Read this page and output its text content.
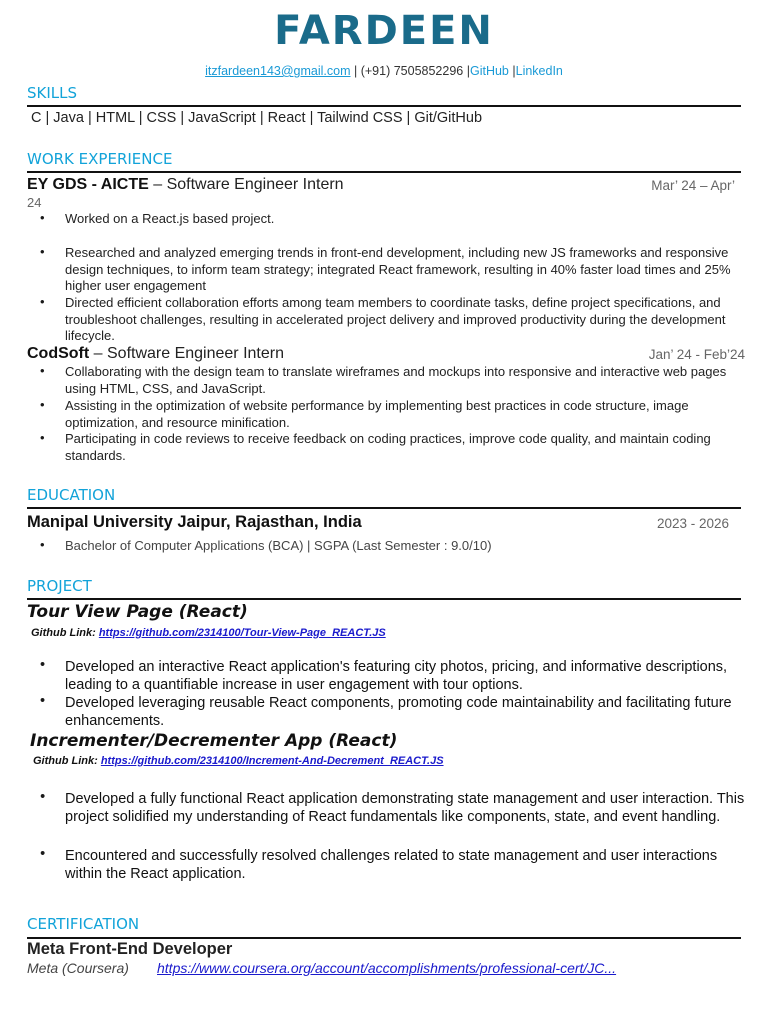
FARDEEN
itzfardeen143@gmail.com | (+91) 7505852296 |GitHub |LinkedIn
SKILLS
C | Java | HTML | CSS | JavaScript | React | Tailwind CSS | Git/GitHub
WORK EXPERIENCE
EY GDS - AICTE – Software Engineer Intern	Mar’ 24 – Apr’
24
• Worked on a React.js based project.
• Researched and analyzed emerging trends in front-end development, including new JS frameworks and responsive design techniques, to inform team strategy; integrated React framework, resulting in 40% faster load times and 25% higher user engagement
• Directed efficient collaboration efforts among team members to coordinate tasks, define project specifications, and troubleshoot challenges, resulting in accelerated project delivery and improved productivity during the development lifecycle.
CodSoft – Software Engineer Intern	Jan’ 24 - Feb’24
• Collaborating with the design team to translate wireframes and mockups into responsive and interactive web pages using HTML, CSS, and JavaScript.
• Assisting in the optimization of website performance by implementing best practices in code structure, image optimization, and resource minification.
• Participating in code reviews to receive feedback on coding practices, improve code quality, and maintain coding standards.
EDUCATION
Manipal University Jaipur, Rajasthan, India	2023 - 2026
• Bachelor of Computer Applications (BCA) | SGPA (Last Semester : 9.0/10)
PROJECT
Tour View Page (React)
Github Link: https://github.com/2314100/Tour-View-Page_REACT.JS
• Developed an interactive React application's featuring city photos, pricing, and informative descriptions, leading to a quantifiable increase in user engagement with tour options.
• Developed leveraging reusable React components, promoting code maintainability and facilitating future enhancements.
Incrementer/Decrementer App (React)
Github Link: https://github.com/2314100/Increment-And-Decrement_REACT.JS
• Developed a fully functional React application demonstrating state management and user interaction. This project solidified my understanding of React fundamentals like components, state, and event handling.
• Encountered and successfully resolved challenges related to state management and user interactions within the React application.
CERTIFICATION
Meta Front-End Developer
Meta (Coursera) https://www.coursera.org/account/accomplishments/professional-cert/JC...
